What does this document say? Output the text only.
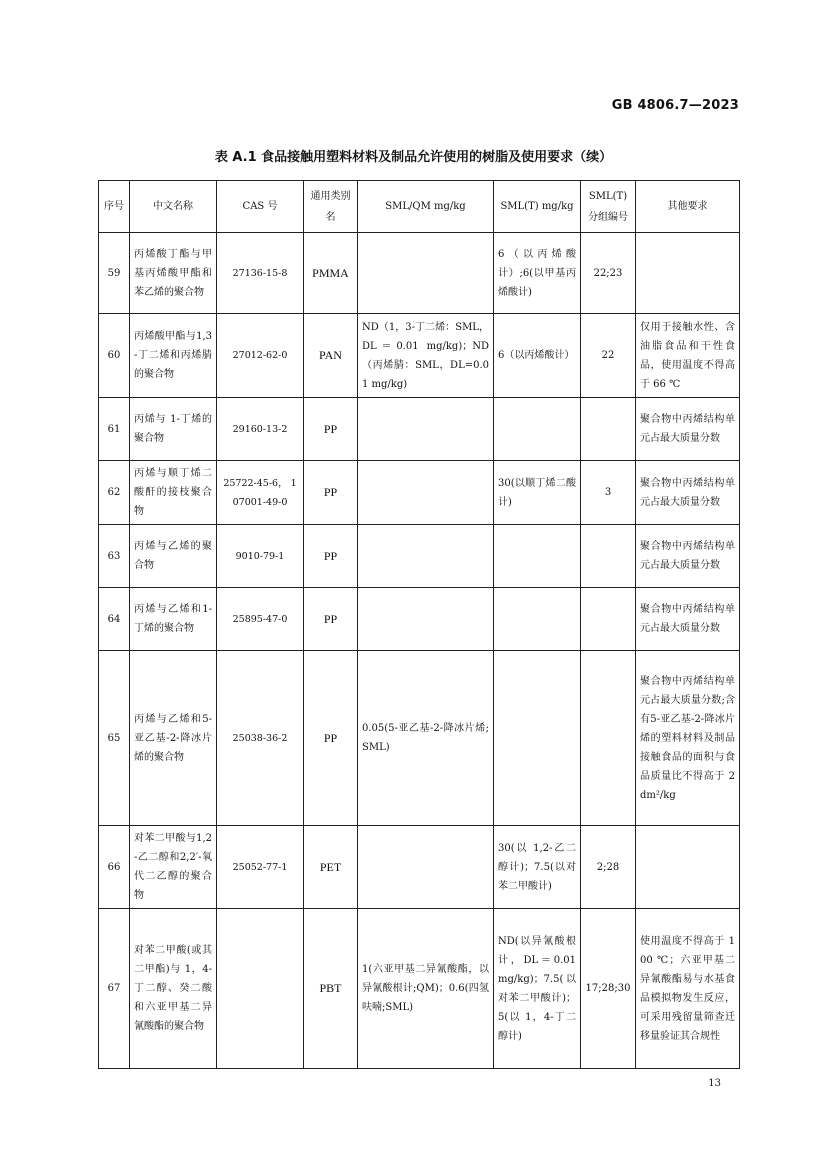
GB 4806.7—2023
表 A.1 食品接触用塑料材料及制品允许使用的树脂及使用要求（续）
序号	中文名称	CAS 号	通用类别名	SML/QM mg/kg	SML(T) mg/kg	SML(T)分组编号	其他要求
59	丙烯酸丁酯与甲基丙烯酸甲酯和苯乙烯的聚合物	27136-15-8	PMMA		6（以丙烯酸计）;6(以甲基丙烯酸计)	22;23	
60	丙烯酸甲酯与1,3-丁二烯和丙烯腈的聚合物	27012-62-0	PAN	ND（1，3-丁二烯：SML，DL＝0.01 mg/kg)；ND（丙烯腈：SML，DL=0.01 mg/kg)	6（以丙烯酸计）	22	仅用于接触水性、含油脂食品和干性食品，使用温度不得高于 66 ℃
61	丙烯与 1-丁烯的聚合物	29160-13-2	PP				聚合物中丙烯结构单元占最大质量分数
62	丙烯与顺丁烯二酸酐的接枝聚合物	25722-45-6， 107001-49-0	PP		30(以顺丁烯二酸计)	3	聚合物中丙烯结构单元占最大质量分数
63	丙烯与乙烯的聚合物	9010-79-1	PP				聚合物中丙烯结构单元占最大质量分数
64	丙烯与乙烯和1-丁烯的聚合物	25895-47-0	PP				聚合物中丙烯结构单元占最大质量分数
65	丙烯与乙烯和5-亚乙基-2-降冰片烯的聚合物	25038-36-2	PP	0.05(5-亚乙基-2-降冰片烯;SML)			聚合物中丙烯结构单元占最大质量分数;含有5-亚乙基-2-降冰片烯的塑料材料及制品接触食品的面积与食品质量比不得高于 2 dm²/kg
66	对苯二甲酸与1,2-乙二醇和2,2′-氧代二乙醇的聚合物	25052-77-1	PET		30(以 1,2-乙二醇计)；7.5(以对苯二甲酸计)	2;28	
67	对苯二甲酸(或其二甲酯)与 1，4-丁二醇、癸二酸和六亚甲基二异氰酸酯的聚合物		PBT	1(六亚甲基二异氰酸酯，以异氰酸根计;QM)；0.6(四氢呋喃;SML)	ND(以异氰酸根计，DL＝0.01 mg/kg)；7.5(以对苯二甲酸计)；5(以 1，4-丁二醇计)	17;28;30	使用温度不得高于 100 ℃；六亚甲基二异氰酸酯易与水基食品模拟物发生反应，可采用残留量筛查迁移量验证其合规性
13
